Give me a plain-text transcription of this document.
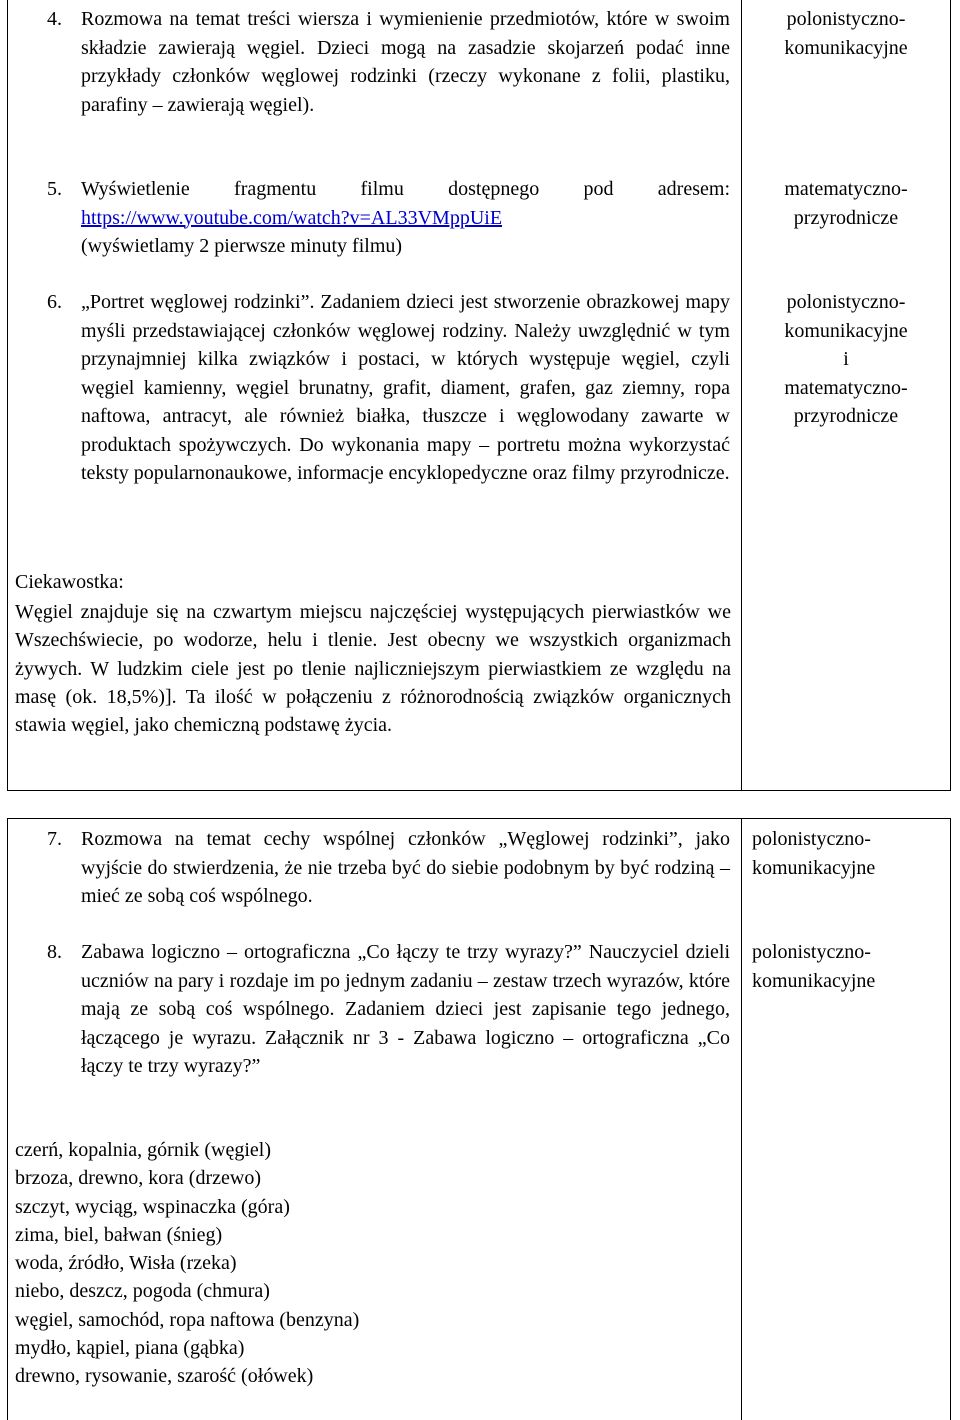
4. Rozmowa na temat treści wiersza i wymienienie przedmiotów, które w swoim składzie zawierają węgiel. Dzieci mogą na zasadzie skojarzeń podać inne przykłady członków węglowej rodzinki (rzeczy wykonane z folii, plastiku, parafiny – zawierają węgiel).
polonistyczno-
komunikacyjne
5. Wyświetlenie fragmentu filmu dostępnego pod adresem: https://www.youtube.com/watch?v=AL33VMppUiE
(wyświetlamy 2 pierwsze minuty filmu)
matematyczno-
przyrodnicze
6. „Portret węglowej rodzinki”. Zadaniem dzieci jest stworzenie obrazkowej mapy myśli przedstawiającej członków węglowej rodziny. Należy uwzględnić w tym przynajmniej kilka związków i postaci, w których występuje węgiel, czyli węgiel kamienny, węgiel brunatny, grafit, diament, grafen, gaz ziemny, ropa naftowa, antracyt, ale również białka, tłuszcze i węglowodany zawarte w produktach spożywczych. Do wykonania mapy – portretu można wykorzystać teksty popularnonaukowe, informacje encyklopedyczne oraz filmy przyrodnicze.
polonistyczno-
komunikacyjne
i
matematyczno-
przyrodnicze
Ciekawostka:
Węgiel znajduje się na czwartym miejscu najczęściej występujących pierwiastków we Wszechświecie, po wodorze, helu i tlenie. Jest obecny we wszystkich organizmach żywych. W ludzkim ciele jest po tlenie najliczniejszym pierwiastkiem ze względu na masę (ok. 18,5%)]. Ta ilość w połączeniu z różnorodnością związków organicznych stawia węgiel, jako chemiczną podstawę życia.
7. Rozmowa na temat cechy wspólnej członków „Węglowej rodzinki”, jako wyjście do stwierdzenia, że nie trzeba być do siebie podobnym by być rodziną – mieć ze sobą coś wspólnego.
polonistyczno-
komunikacyjne
8. Zabawa logiczno – ortograficzna „Co łączy te trzy wyrazy?” Nauczyciel dzieli uczniów na pary i rozdaje im po jednym zadaniu – zestaw trzech wyrazów, które mają ze sobą coś wspólnego. Zadaniem dzieci jest zapisanie tego jednego, łączącego je wyrazu. Załącznik nr 3 - Zabawa logiczno – ortograficzna „Co łączy te trzy wyrazy?”
polonistyczno-
komunikacyjne
czerń, kopalnia, górnik (węgiel)
brzoza, drewno, kora (drzewo)
szczyt, wyciąg, wspinaczka (góra)
zima, biel, bałwan (śnieg)
woda, źródło, Wisła (rzeka)
niebo, deszcz, pogoda (chmura)
węgiel, samochód, ropa naftowa (benzyna)
mydło, kąpiel, piana (gąbka)
drewno, rysowanie, szarość (ołówek)
